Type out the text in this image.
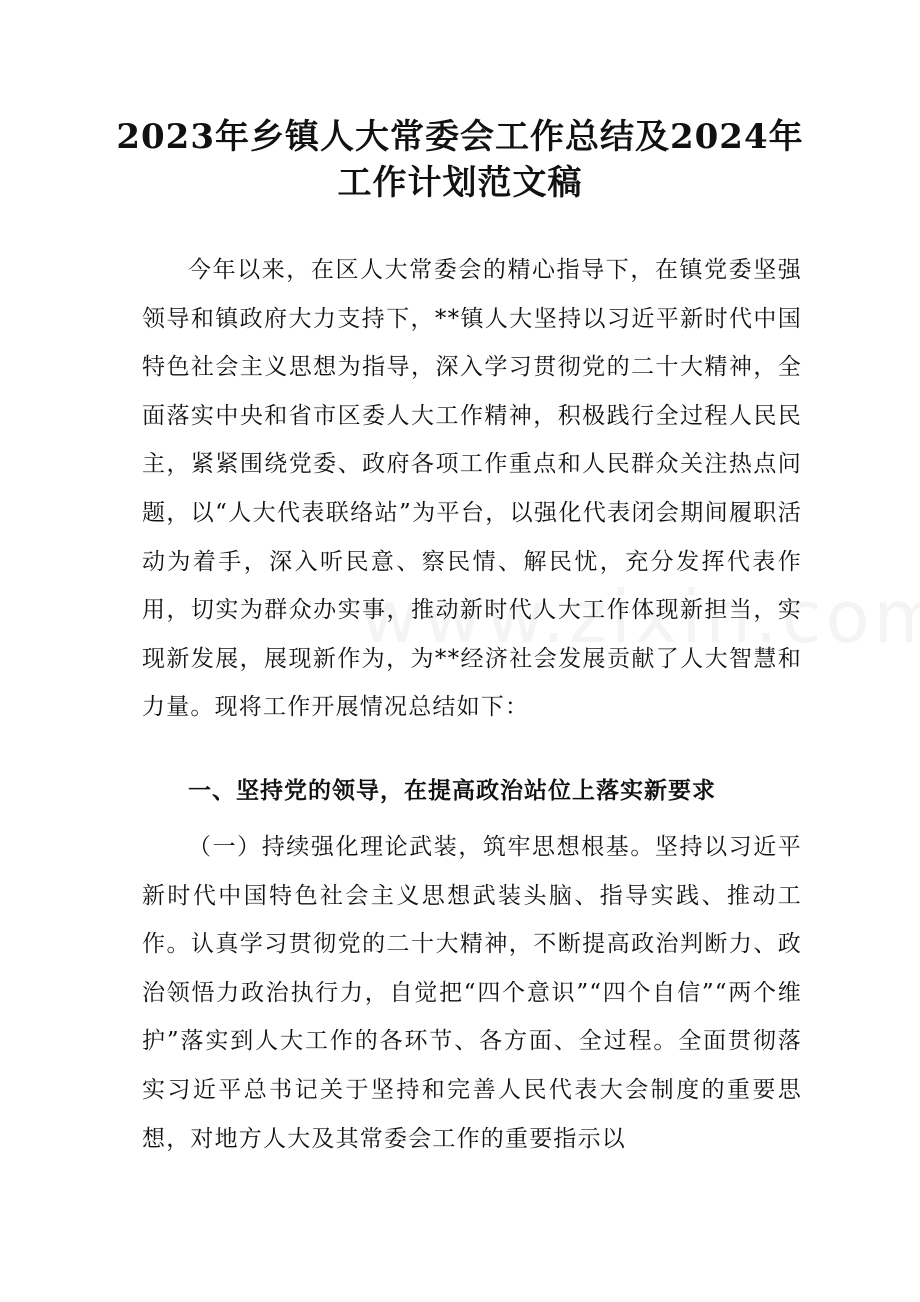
2023年乡镇人大常委会工作总结及2024年
工作计划范文稿
今年以来，在区人大常委会的精心指导下，在镇党委坚强领导和镇政府大力支持下，**镇人大坚持以习近平新时代中国特色社会主义思想为指导，深入学习贯彻党的二十大精神，全面落实中央和省市区委人大工作精神，积极践行全过程人民民主，紧紧围绕党委、政府各项工作重点和人民群众关注热点问题，以“人大代表联络站”为平台，以强化代表闭会期间履职活动为着手，深入听民意、察民情、解民忧，充分发挥代表作用，切实为群众办实事，推动新时代人大工作体现新担当，实现新发展，展现新作为，为**经济社会发展贡献了人大智慧和力量。现将工作开展情况总结如下：
一、坚持党的领导，在提高政治站位上落实新要求
（一）持续强化理论武装，筑牢思想根基。坚持以习近平新时代中国特色社会主义思想武装头脑、指导实践、推动工作。认真学习贯彻党的二十大精神，不断提高政治判断力、政治领悟力政治执行力，自觉把“四个意识”“四个自信”“两个维护”落实到人大工作的各环节、各方面、全过程。全面贯彻落实习近平总书记关于坚持和完善人民代表大会制度的重要思想，对地方人大及其常委会工作的重要指示以
